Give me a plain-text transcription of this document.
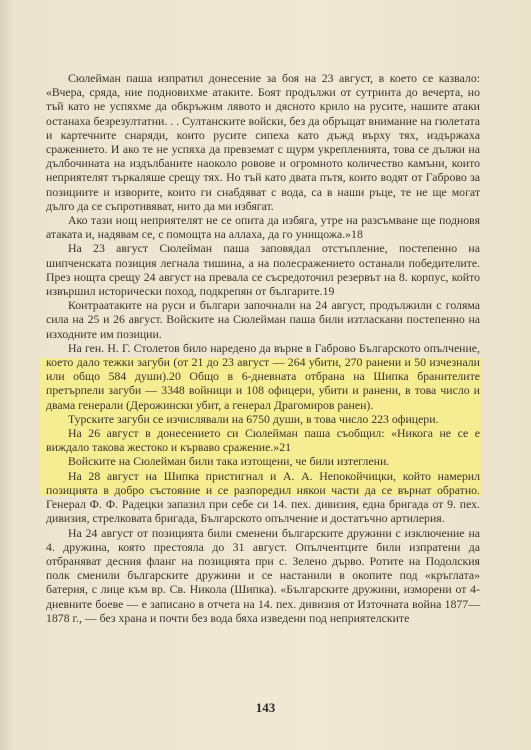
Сюлейман паша изпратил донесение за боя на 23 август, в което се казвало: «Вчера, сряда, ние подновихме атаките. Боят продължи от сутринта до вечерта, но тъй като не успяхме да обкръжим лявото и дясното крило на русите, нашите атаки останаха безрезултатни. . . Султанските войски, без да обръщат внимание на гюлетата и картечните снаряди, които русите сипеха като дъжд върху тях, издържаха сражението. И ако те не успяха да превземат с щурм укрепленията, това се дължи на дълбочината на издълбаните наоколо ровове и огромното количество камъни, които неприятелят търкаляше срещу тях. Но тъй като двата пътя, които водят от Габрово за позициите и изворите, които ги снабдяват с вода, са в наши ръце, те не ще могат дълго да се съпротивяват, нито да ми избягат.

Ако тази нощ неприятелят не се опита да избяга, утре на разсъмване ще подновя атаката и, надявам се, с помощта на аллаха, да го унищожа.»18

На 23 август Сюлейман паша заповядал отстъпление, постепенно на шипченската позиция легнала тишина, а на полесражението останали победителите. През нощта срещу 24 август на превала се съсредоточил резервът на 8. корпус, който извършил исторически поход, подкрепян от българите.19

Контраатаките на руси и българи започнали на 24 август, продължили с голяма сила на 25 и 26 август. Войските на Сюлейман паша били изтласкани постепенно на изходните им позиции.

На ген. Н. Г. Столетов било наредено да върне в Габрово Българското опълчение, което дало тежки загуби (от 21 до 23 август — 264 убити, 270 ранени и 50 изчезнали или общо 584 души).20 Общо в 6-дневната отбрана на Шипка бранителите претърпели загуби — 3348 войници и 108 офицери, убити и ранени, в това число и двама генерали (Дерожински убит, а генерал Драгомиров ранен).

Турските загуби се изчислявали на 6750 души, в това число 223 офицери.

На 26 август в донесението си Сюлейман паша съобщил: «Никога не се е виждало такова жестоко и кърваво сражение.»21

Войските на Сюлейман били така изтощени, че били изтеглени.

На 28 август на Шипка пристигнал и А. А. Непокойчицки, който намерил позицията в добро състояние и се разпоредил някои части да се върнат обратно. Генерал Ф. Ф. Радецки запазил при себе си 14. пех. дивизия, една бригада от 9. пех. дивизия, стрелковата бригада, Българското опълчение и достатъчно артилерия.

На 24 август от позицията били сменени българските дружини с изключение на 4. дружина, която престояла до 31 август. Опълчентците били изпратени да отбраняват десния фланг на позицията при с. Зелено дърво. Ротите на Подолския полк сменили българските дружини и се настанили в окопите под «кръглата» батерия, с лице към вр. Св. Никола (Шипка). «Българските дружини, изморени от 4-дневните боеве — е записано в отчета на 14. пех. дивизия от Източната война 1877—1878 г., — без храна и почти без вода бяха изведени под неприятелските

143
